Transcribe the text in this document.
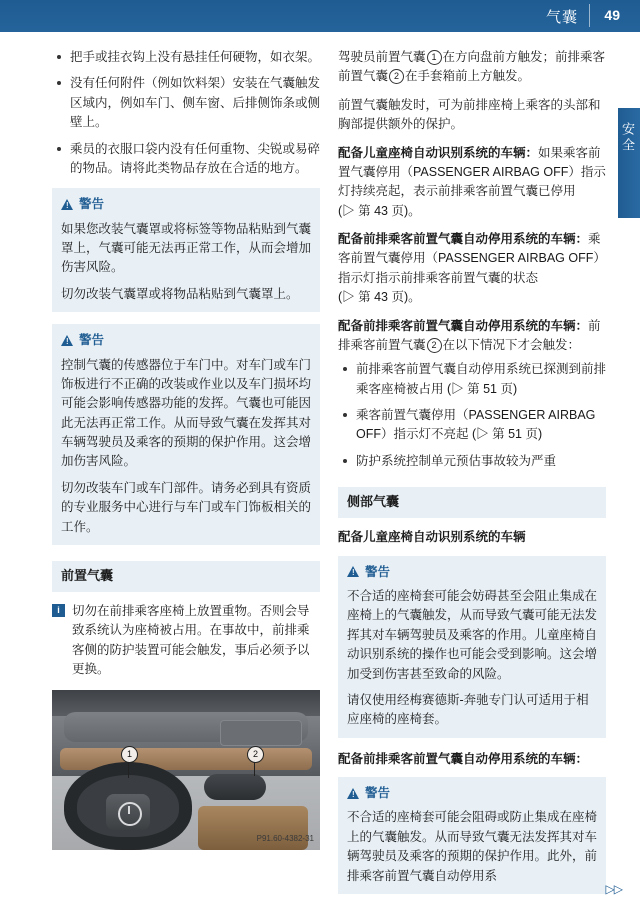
气囊 49
安全
把手或挂衣钩上没有悬挂任何硬物，如衣架。
没有任何附件（例如饮料架）安装在气囊触发区域内，例如车门、侧车窗、后排侧饰条或侧壁上。
乘员的衣服口袋内没有任何重物、尖锐或易碎的物品。请将此类物品存放在合适的地方。
!
警告

如果您改装气囊罩或将标签等物品粘贴到气囊罩上，气囊可能无法再正常工作，从而会增加伤害风险。

切勿改装气囊罩或将物品粘贴到气囊罩上。

!
警告

控制气囊的传感器位于车门中。对车门或车门饰板进行不正确的改装或作业以及车门损坏均可能会影响传感器功能的发挥。气囊也可能因此无法再正常工作。从而导致气囊在发挥其对车辆驾驶员及乘客的预期的保护作用。这会增加伤害风险。

切勿改装车门或车门部件。请务必到具有资质的专业服务中心进行与车门或车门饰板相关的工作。

前置气囊
i 切勿在前排乘客座椅上放置重物。否则会导致系统认为座椅被占用。在事故中，前排乘客侧的防护装置可能会触发，事后必须予以更换。

1	2
P91.60-4382-31

驾驶员前置气囊 1 在方向盘前方触发；前排乘客前置气囊 2 在手套箱前上方触发。

前置气囊触发时，可为前排座椅上乘客的头部和胸部提供额外的保护。

配备儿童座椅自动识别系统的车辆：如果乘客前置气囊停用（PASSENGER AIRBAG OFF）指示灯持续亮起，表示前排乘客前置气囊已停用(▷ 第 43 页)。

配备前排乘客前置气囊自动停用系统的车辆：乘客前置气囊停用（PASSENGER AIRBAG OFF）指示灯指示前排乘客前置气囊的状态(▷ 第 43 页)。

配备前排乘客前置气囊自动停用系统的车辆：前排乘客前置气囊 2 在以下情况下才会触发：

前排乘客前置气囊自动停用系统已探测到前排乘客座椅被占用 (▷ 第 51 页)
乘客前置气囊停用（PASSENGER AIRBAG OFF）指示灯不亮起 (▷ 第 51 页)
防护系统控制单元预估事故较为严重
侧部气囊
配备儿童座椅自动识别系统的车辆
!
警告

不合适的座椅套可能会妨碍甚至会阻止集成在座椅上的气囊触发，从而导致气囊可能无法发挥其对车辆驾驶员及乘客的作用。儿童座椅自动识别系统的操作也可能会受到影响。这会增加受到伤害甚至致命的风险。

请仅使用经梅赛德斯-奔驰专门认可适用于相应座椅的座椅套。

配备前排乘客前置气囊自动停用系统的车辆：
!
警告

不合适的座椅套可能会阻碍或防止集成在座椅上的气囊触发。从而导致气囊无法发挥其对车辆驾驶员及乘客的预期的保护作用。此外，前排乘客前置气囊自动停用系

▷▷
